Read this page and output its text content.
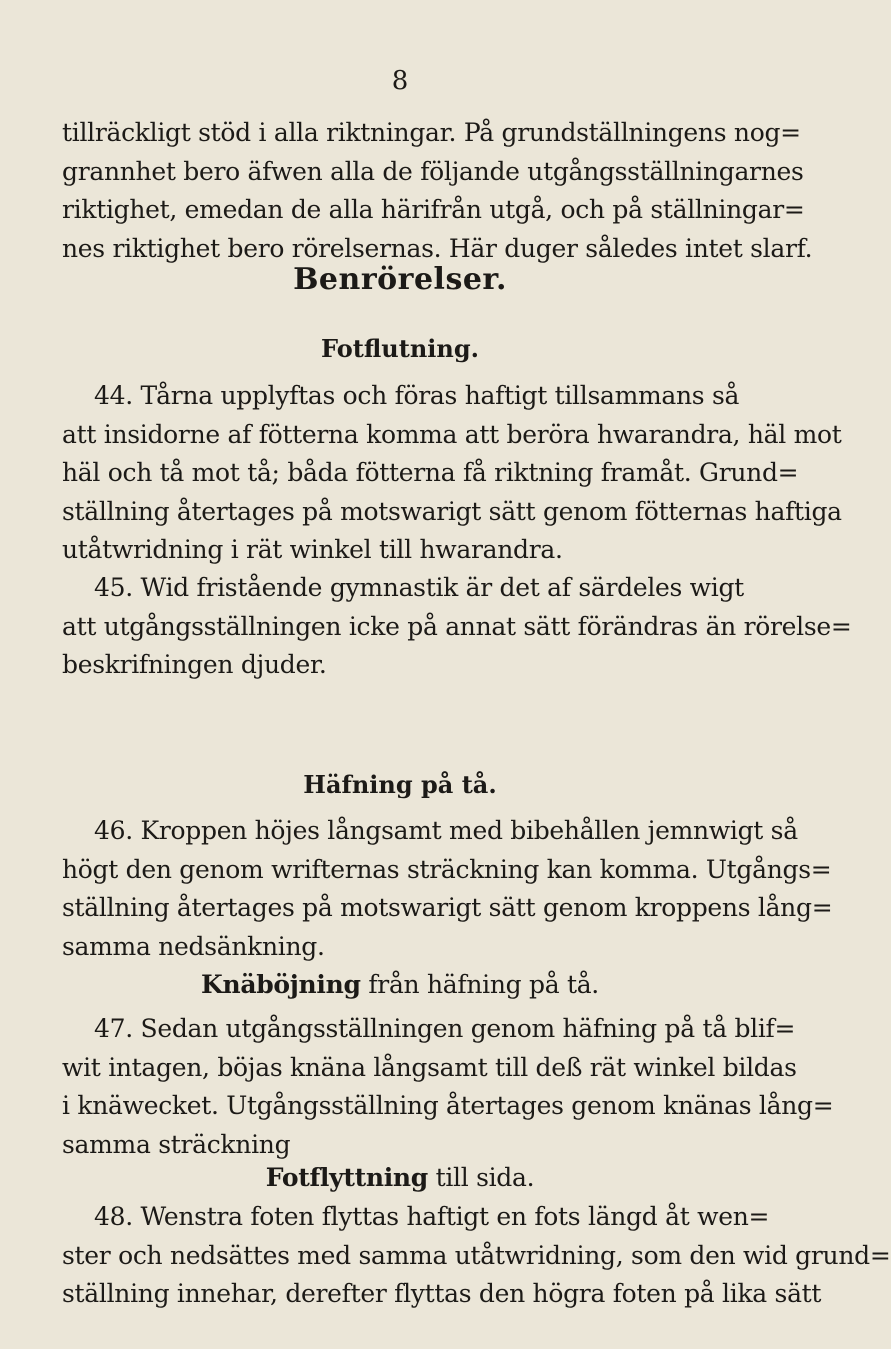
8
tillräckligt stöd i alla riktningar. På grundställningens nog=
grannhet bero äfwen alla de följande utgångsställningarnes
riktighet, emedan de alla härifrån utgå, och på ställningar=
nes riktighet bero rörelsernas. Här duger således intet slarf.
Benrörelser.
Fotflutning.
44. Tårna upplyftas och föras haftigt tillsammans så
att insidorne af fötterna komma att beröra hwarandra, häl mot
häl och tå mot tå; båda fötterna få riktning framåt. Grund=
ställning återtages på motswarigt sätt genom fötternas haftiga
utåtwridning i rät winkel till hwarandra.
45. Wid fristående gymnastik är det af särdeles wigt
att utgångsställningen icke på annat sätt förändras än rörelse=
beskrifningen djuder.
Häfning på tå.
46. Kroppen höjes långsamt med bibehållen jemnwigt så
högt den genom wrifternas sträckning kan komma. Utgångs=
ställning återtages på motswarigt sätt genom kroppens lång=
samma nedsänkning.
Knäböjning från häfning på tå.
47. Sedan utgångsställningen genom häfning på tå blif=
wit intagen, böjas knäna långsamt till deß rät winkel bildas
i knäwecket. Utgångsställning återtages genom knänas lång=
samma sträckning
Fotflyttning till sida.
48. Wenstra foten flyttas haftigt en fots längd åt wen=
ster och nedsättes med samma utåtwridning, som den wid grund=
ställning innehar, derefter flyttas den högra foten på lika sätt
